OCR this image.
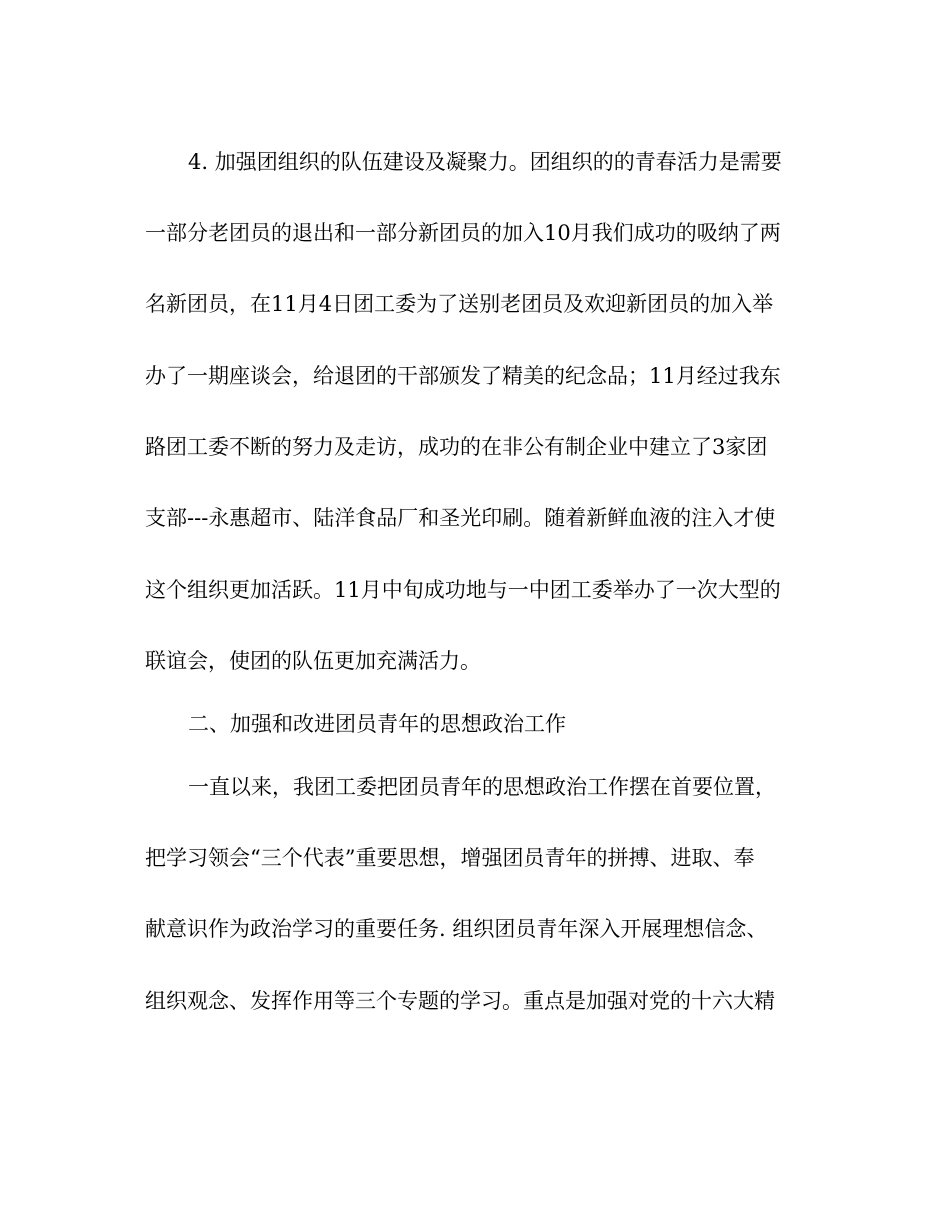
4. 加强团组织的队伍建设及凝聚力。团组织的的青春活力是需要

一部分老团员的退出和一部分新团员的加入10月我们成功的吸纳了两

名新团员，在11月4日团工委为了送别老团员及欢迎新团员的加入举

办了一期座谈会，给退团的干部颁发了精美的纪念品；11月经过我东

路团工委不断的努力及走访，成功的在非公有制企业中建立了3家团

支部---永惠超市、陆洋食品厂和圣光印刷。随着新鲜血液的注入才使

这个组织更加活跃。11月中旬成功地与一中团工委举办了一次大型的

联谊会，使团的队伍更加充满活力。

二、加强和改进团员青年的思想政治工作

一直以来，我团工委把团员青年的思想政治工作摆在首要位置，

把学习领会“三个代表”重要思想，增强团员青年的拼搏、进取、奉

献意识作为政治学习的重要任务. 组织团员青年深入开展理想信念、

组织观念、发挥作用等三个专题的学习。重点是加强对党的十六大精
